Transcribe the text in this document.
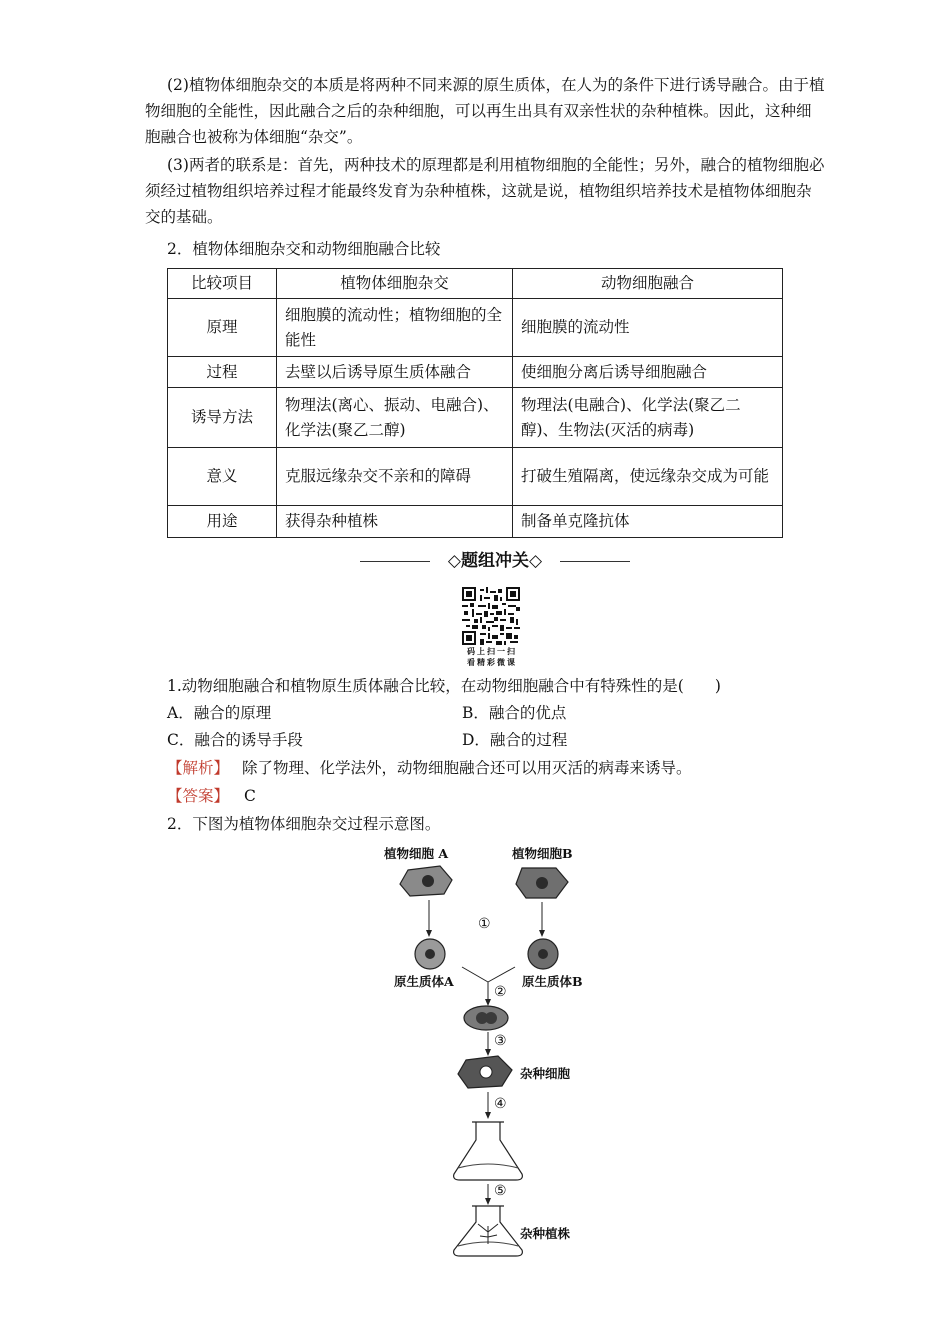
(2)植物体细胞杂交的本质是将两种不同来源的原生质体，在人为的条件下进行诱导融合。由于植物细胞的全能性，因此融合之后的杂种细胞，可以再生出具有双亲性状的杂种植株。因此，这种细胞融合也被称为体细胞“杂交”。

(3)两者的联系是：首先，两种技术的原理都是利用植物细胞的全能性；另外，融合的植物细胞必须经过植物组织培养过程才能最终发育为杂种植株，这就是说，植物组织培养技术是植物体细胞杂交的基础。

2．植物体细胞杂交和动物细胞融合比较
比较项目	植物体细胞杂交	动物细胞融合
原理	细胞膜的流动性；植物细胞的全能性	细胞膜的流动性
过程	去壁以后诱导原生质体融合	使细胞分离后诱导细胞融合
诱导方法	物理法(离心、振动、电融合)、化学法(聚乙二醇)	物理法(电融合)、化学法(聚乙二醇)、生物法(灭活的病毒)
意义	克服远缘杂交不亲和的障碍	打破生殖隔离，使远缘杂交成为可能
用途	获得杂种植株	制备单克隆抗体
◇题组冲关◇
码上扫一扫
看精彩微课
1.动物细胞融合和植物原生质体融合比较，在动物细胞融合中有特殊性的是(　　)
A．融合的原理	B．融合的优点
C．融合的诱导手段	D．融合的过程
【解析】 除了物理、化学法外，动物细胞融合还可以用灭活的病毒来诱导。
【答案】 C
2．下图为植物体细胞杂交过程示意图。
植物细胞 A	植物细胞B
①
原生质体A	原生质体B
②
③
杂种细胞
④
⑤
杂种植株
